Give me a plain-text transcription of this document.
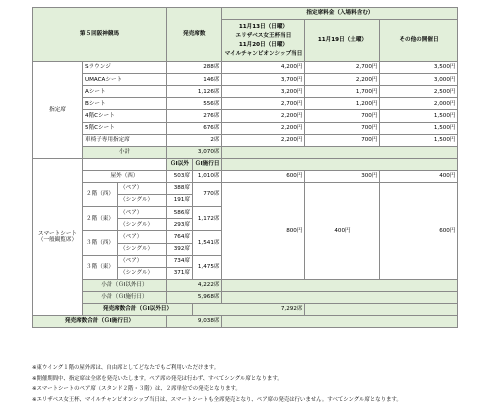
第５回阪神競馬			発売席数		指定席料金（入場料含む）		

					11月13日（日曜）
エリザベス女王杯当日
11月20日（日曜）
マイルチャンピオンシップ当日	11月19日（土曜）	その他の開催日
指定席	Sラウンジ		288席		4,200円	2,700円	3,500円
	UMACAシート		146席		3,700円	2,200円	3,000円
	Aシート		1,126席		3,200円	1,700円	2,500円
	Bシート		556席		2,700円	1,200円	2,000円
	4階Cシート		276席		2,200円	700円	1,500円
	5階Cシート		676席		2,200円	700円	1,500円
	車椅子専用指定席		2席		2,200円	700円	1,500円
	小計		3,070席				

スマートシート
（一般観覧席）			ＧⅠ以外	ＧⅠ施行日			
	屋外（西）		503席	1,010席	600円	300円	400円
	２階（西）	（ペア）	388席	770席	800円	400円	600円
		（シングル）	191席				
	２階（東）	（ペア）	586席	1,172席			
		（シングル）	293席				
	３階（西）	（ペア）	764席	1,541席			
		（シングル）	392席				
	３階（東）	（ペア）	734席	1,475席			
		（シングル）	371席				
	小計（ＧⅠ以外日）		4,222席				
	小計（ＧⅠ施行日）		5,968席				
	発売席数合計（ＧⅠ以外日）			7,292席			
発売席数合計（ＧⅠ施行日）			9,038席				
※東ウイング１階の屋外席は、自由席としてどなたでもご利用いただけます。
※開催期間中、指定席は全席を発売いたします。ペア席の発売は行わず、すべてシングル席となります。
※スマートシートのペア席（スタンド２階・３階）は、２席単位での発売となります。
※エリザベス女王杯、マイルチャンピオンシップ当日は、スマートシートも全席発売となり、ペア席の発売は行いません。すべてシングル席となります。
